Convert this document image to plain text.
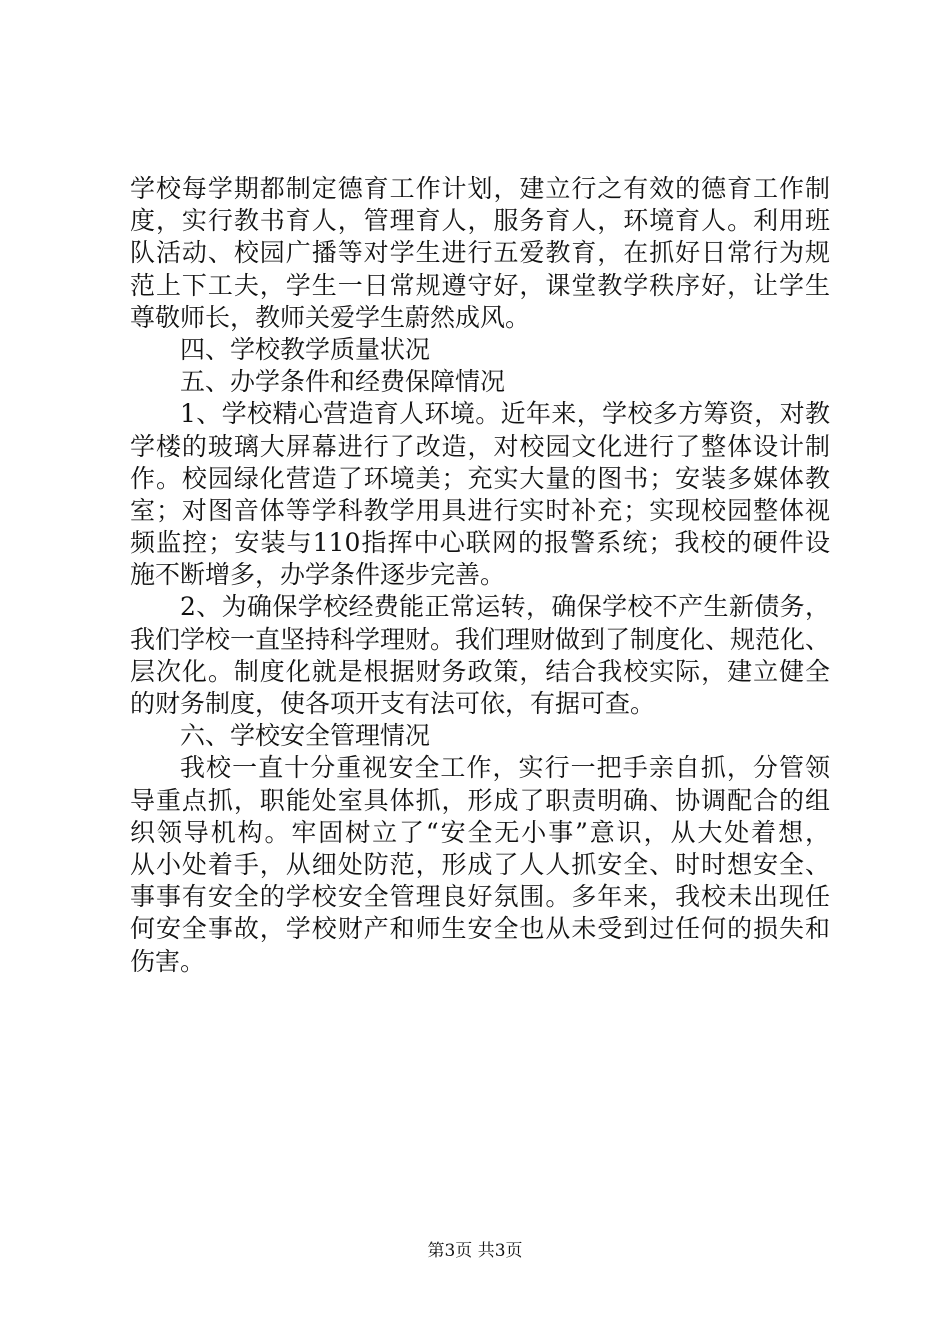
学校每学期都制定德育工作计划，建立行之有效的德育工作制
度，实行教书育人，管理育人，服务育人，环境育人。利用班
队活动、校园广播等对学生进行五爱教育，在抓好日常行为规
范上下工夫，学生一日常规遵守好，课堂教学秩序好，让学生
尊敬师长，教师关爱学生蔚然成风。
四、学校教学质量状况
五、办学条件和经费保障情况
1、学校精心营造育人环境。近年来，学校多方筹资，对教
学楼的玻璃大屏幕进行了改造，对校园文化进行了整体设计制
作。校园绿化营造了环境美；充实大量的图书；安装多媒体教
室；对图音体等学科教学用具进行实时补充；实现校园整体视
频监控；安装与110指挥中心联网的报警系统；我校的硬件设
施不断增多，办学条件逐步完善。
2、为确保学校经费能正常运转，确保学校不产生新债务，
我们学校一直坚持科学理财。我们理财做到了制度化、规范化、
层次化。制度化就是根据财务政策，结合我校实际，建立健全
的财务制度，使各项开支有法可依，有据可查。
六、学校安全管理情况
我校一直十分重视安全工作，实行一把手亲自抓，分管领
导重点抓，职能处室具体抓，形成了职责明确、协调配合的组
织领导机构。牢固树立了“安全无小事”意识，从大处着想，
从小处着手，从细处防范，形成了人人抓安全、时时想安全、
事事有安全的学校安全管理良好氛围。多年来，我校未出现任
何安全事故，学校财产和师生安全也从未受到过任何的损失和
伤害。
第3页 共3页
